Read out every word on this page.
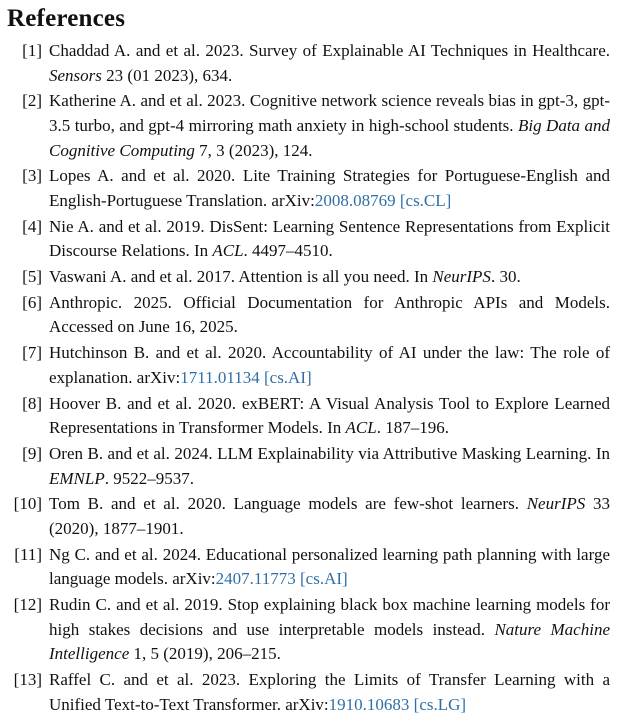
References
[1] Chaddad A. and et al. 2023. Survey of Explainable AI Techniques in Healthcare. Sensors 23 (01 2023), 634.
[2] Katherine A. and et al. 2023. Cognitive network science reveals bias in gpt-3, gpt-3.5 turbo, and gpt-4 mirroring math anxiety in high-school students. Big Data and Cognitive Computing 7, 3 (2023), 124.
[3] Lopes A. and et al. 2020. Lite Training Strategies for Portuguese-English and English-Portuguese Translation. arXiv:2008.08769 [cs.CL]
[4] Nie A. and et al. 2019. DisSent: Learning Sentence Representations from Explicit Discourse Relations. In ACL. 4497–4510.
[5] Vaswani A. and et al. 2017. Attention is all you need. In NeurIPS. 30.
[6] Anthropic. 2025. Official Documentation for Anthropic APIs and Models. Accessed on June 16, 2025.
[7] Hutchinson B. and et al. 2020. Accountability of AI under the law: The role of explanation. arXiv:1711.01134 [cs.AI]
[8] Hoover B. and et al. 2020. exBERT: A Visual Analysis Tool to Explore Learned Representations in Transformer Models. In ACL. 187–196.
[9] Oren B. and et al. 2024. LLM Explainability via Attributive Masking Learning. In EMNLP. 9522–9537.
[10] Tom B. and et al. 2020. Language models are few-shot learners. NeurIPS 33 (2020), 1877–1901.
[11] Ng C. and et al. 2024. Educational personalized learning path planning with large language models. arXiv:2407.11773 [cs.AI]
[12] Rudin C. and et al. 2019. Stop explaining black box machine learning models for high stakes decisions and use interpretable models instead. Nature Machine Intelligence 1, 5 (2019), 206–215.
[13] Raffel C. and et al. 2023. Exploring the Limits of Transfer Learning with a Unified Text-to-Text Transformer. arXiv:1910.10683 [cs.LG]
